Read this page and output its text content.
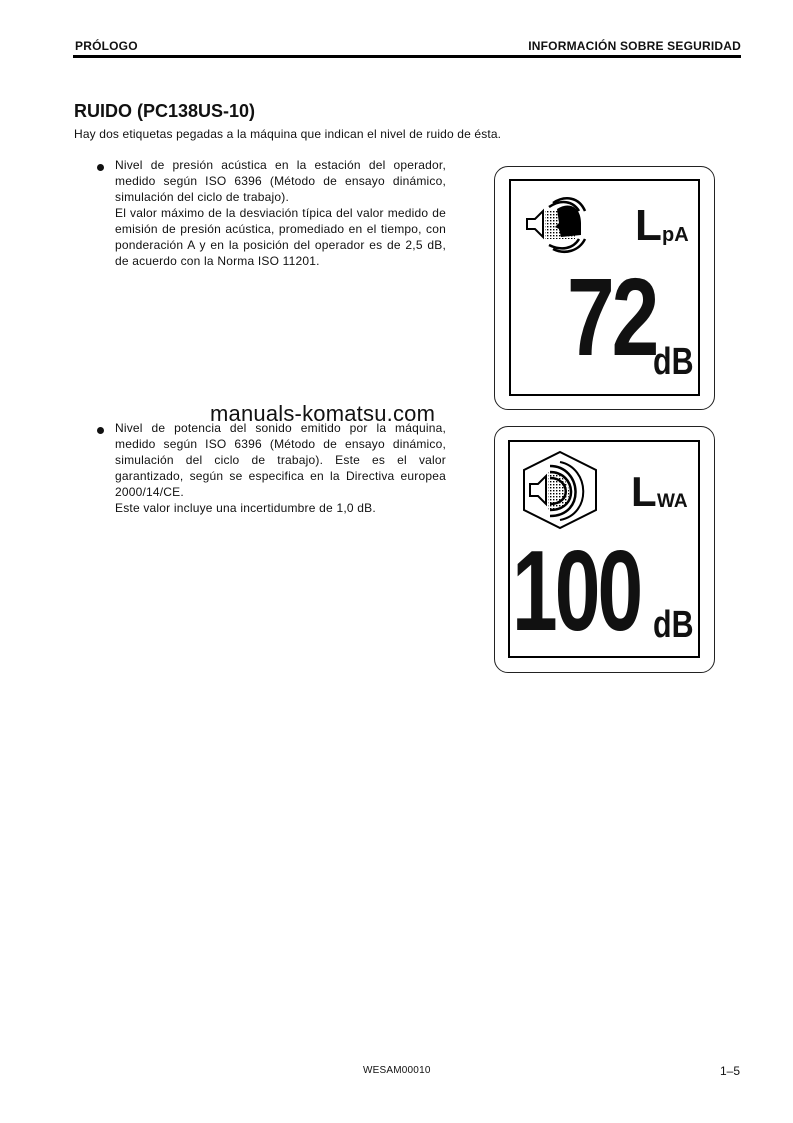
PRÓLOGO	INFORMACIÓN SOBRE SEGURIDAD
RUIDO (PC138US-10)
Hay dos etiquetas pegadas a la máquina que indican el nivel de ruido de ésta.

Nivel de presión acústica en la estación del operador, medido según ISO 6396 (Método de ensayo dinámico, simulación del ciclo de trabajo).

El valor máximo de la desviación típica del valor medido de emisión de presión acústica, promediado en el tiempo, con ponderación A y en la posición del operador es de 2,5 dB, de acuerdo con la Norma ISO 11201.

L pA
72
dB

Nivel de potencia del sonido emitido por la máquina, medido según ISO 6396 (Método de ensayo dinámico, simulación del ciclo de trabajo). Este es el valor garantizado, según se especifica en la Directiva europea 2000/14/CE.

Este valor incluye una incertidumbre de 1,0 dB.	L WA
100 dB
manuals-komatsu.com
WESAM00010	1–5
